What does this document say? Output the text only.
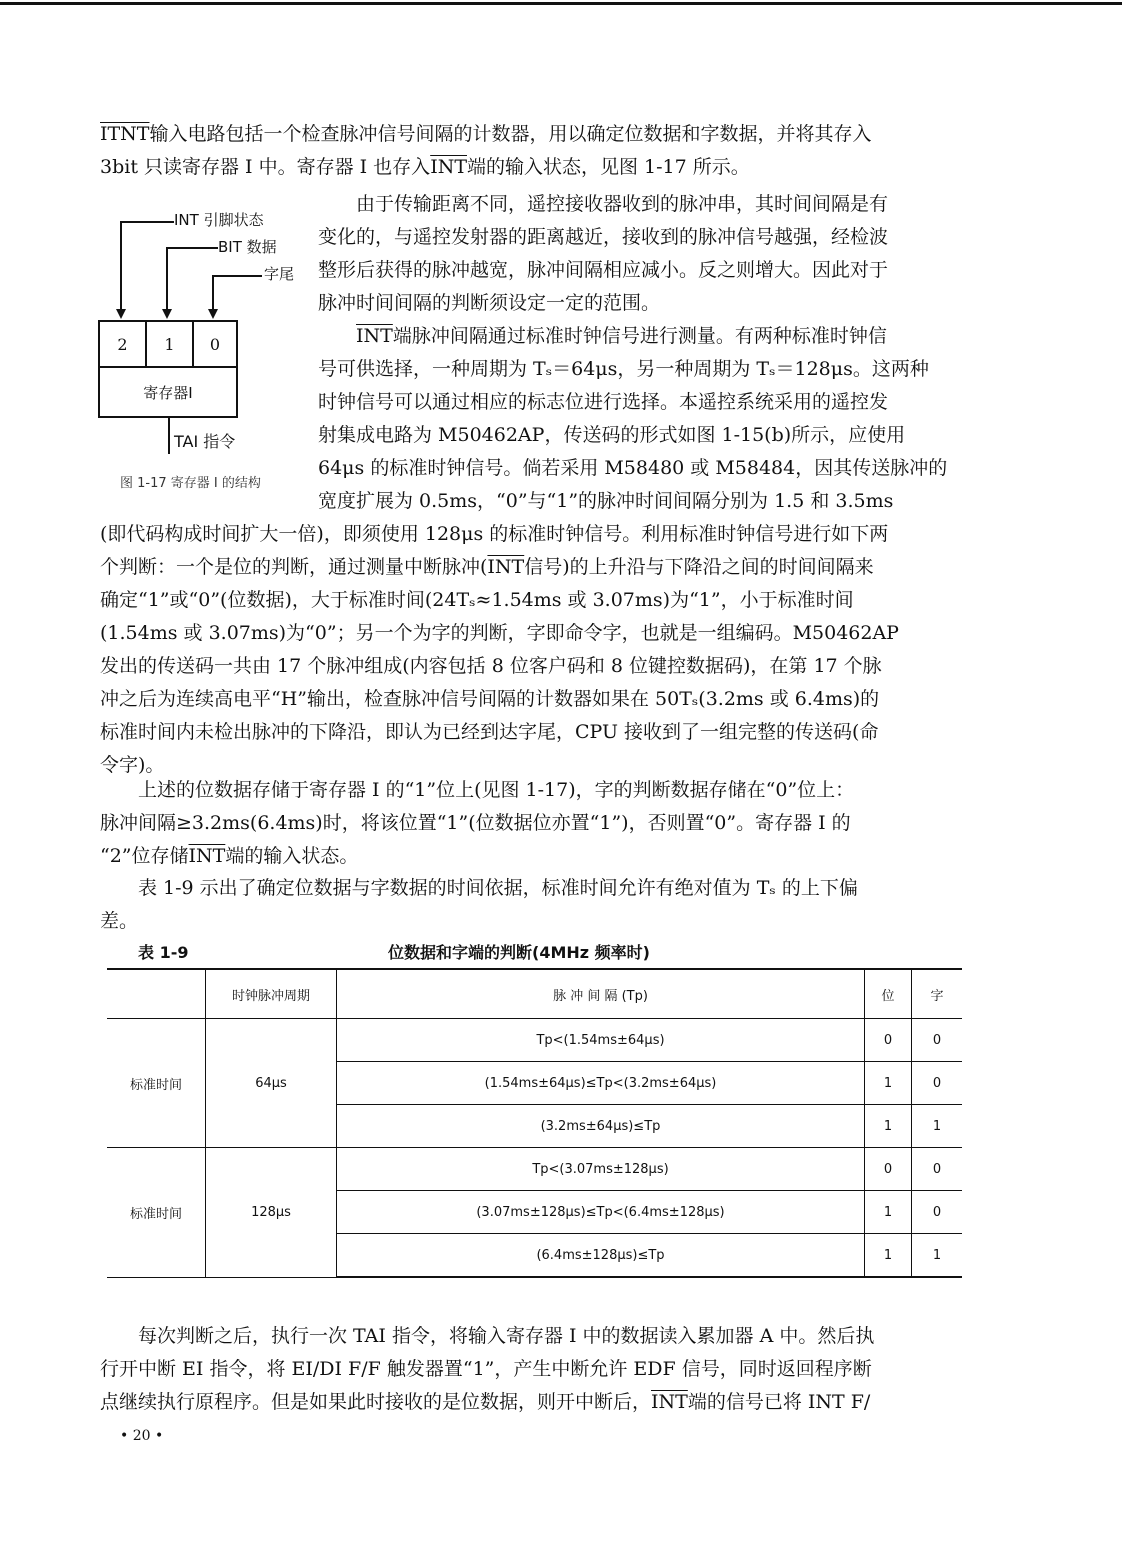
ITNT输入电路包括一个检查脉冲信号间隔的计数器，用以确定位数据和字数据，并将其存入
3bit 只读寄存器 I 中。寄存器 I 也存入$\overline{INT}$端的输入状态，见图 1-17 所示。

INT 引脚状态
BIT 数据
字尾
2	1	0
寄存器I
TAI 指令
图 1-17 寄存器 I 的结构

由于传输距离不同，遥控接收器收到的脉冲串，其时间间隔是有
变化的，与遥控发射器的距离越近，接收到的脉冲信号越强，经检波
整形后获得的脉冲越宽，脉冲间隔相应减小。反之则增大。因此对于
脉冲时间间隔的判断须设定一定的范围。

$\overline{INT}$端脉冲间隔通过标准时钟信号进行测量。有两种标准时钟信
号可供选择，一种周期为 Tₛ＝64μs，另一种周期为 Tₛ＝128μs。这两种
时钟信号可以通过相应的标志位进行选择。本遥控系统采用的遥控发
射集成电路为 M50462AP，传送码的形式如图 1-15(b)所示，应使用
64μs 的标准时钟信号。倘若采用 M58480 或 M58484，因其传送脉冲的
宽度扩展为 0.5ms，“0”与“1”的脉冲时间间隔分别为 1.5 和 3.5ms

(即代码构成时间扩大一倍)，即须使用 128μs 的标准时钟信号。利用标准时钟信号进行如下两
个判断：一个是位的判断，通过测量中断脉冲($\overline{INT}$信号)的上升沿与下降沿之间的时间间隔来
确定“1”或“0”(位数据)，大于标准时间(24Tₛ≈1.54ms 或 3.07ms)为“1”，小于标准时间
(1.54ms 或 3.07ms)为“0”；另一个为字的判断，字即命令字，也就是一组编码。M50462AP
发出的传送码一共由 17 个脉冲组成(内容包括 8 位客户码和 8 位键控数据码)，在第 17 个脉
冲之后为连续高电平“H”输出，检查脉冲信号间隔的计数器如果在 50Tₛ(3.2ms 或 6.4ms)的
标准时间内未检出脉冲的下降沿，即认为已经到达字尾，CPU 接收到了一组完整的传送码(命
令字)。

上述的位数据存储于寄存器 I 的“1”位上(见图 1-17)，字的判断数据存储在“0”位上：
脉冲间隔≥3.2ms(6.4ms)时，将该位置“1”(位数据位亦置“1”)，否则置“0”。寄存器 I 的
“2”位存储$\overline{INT}$端的输入状态。

表 1-9 示出了确定位数据与字数据的时间依据，标准时间允许有绝对值为 Tₛ 的上下偏
差。

表 1-9	位数据和字端的判断(4MHz 频率时)
	时钟脉冲周期	脉 冲 间 隔 (Tp)	位	字
标准时间	64μs	Tp<(1.54ms±64μs)	0	0
		(1.54ms±64μs)≤Tp<(3.2ms±64μs)	1	0
		(3.2ms±64μs)≤Tp	1	1
标准时间	128μs	Tp<(3.07ms±128μs)	0	0
		(3.07ms±128μs)≤Tp<(6.4ms±128μs)	1	0
		(6.4ms±128μs)≤Tp	1	1

每次判断之后，执行一次 TAI 指令，将输入寄存器 I 中的数据读入累加器 A 中。然后执
行开中断 EI 指令，将 EI/DI F/F 触发器置“1”，产生中断允许 EDF 信号，同时返回程序断
点继续执行原程序。但是如果此时接收的是位数据，则开中断后，$\overline{INT}$端的信号已将 INT F/

• 20 •
